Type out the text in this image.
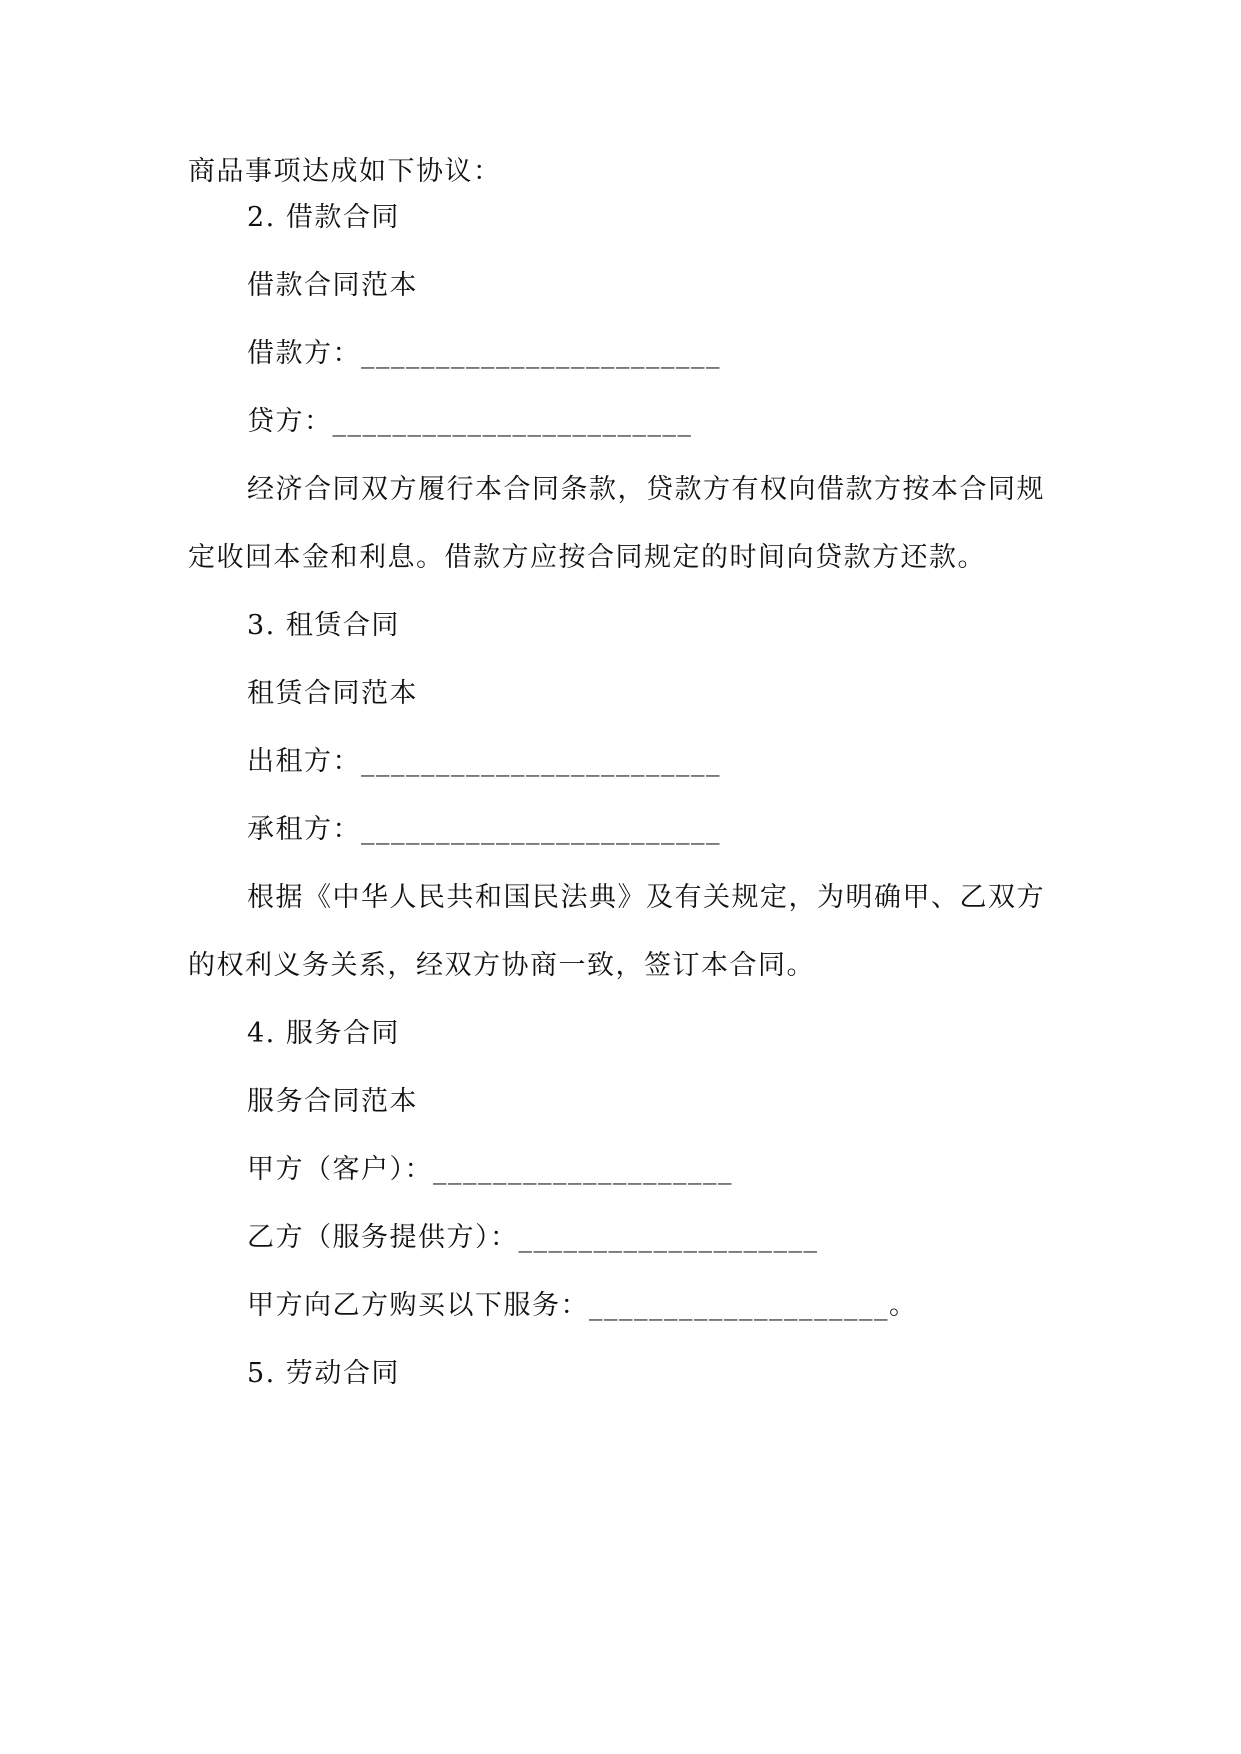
商品事项达成如下协议：
2. 借款合同
借款合同范本
借款方：________________________
贷方：________________________
经济合同双方履行本合同条款，贷款方有权向借款方按本合同规
定收回本金和利息。借款方应按合同规定的时间向贷款方还款。
3. 租赁合同
租赁合同范本
出租方：________________________
承租方：________________________
根据《中华人民共和国民法典》及有关规定，为明确甲、乙双方
的权利义务关系，经双方协商一致，签订本合同。
4. 服务合同
服务合同范本
甲方（客户）：____________________
乙方（服务提供方）：____________________
甲方向乙方购买以下服务：____________________。
5. 劳动合同
